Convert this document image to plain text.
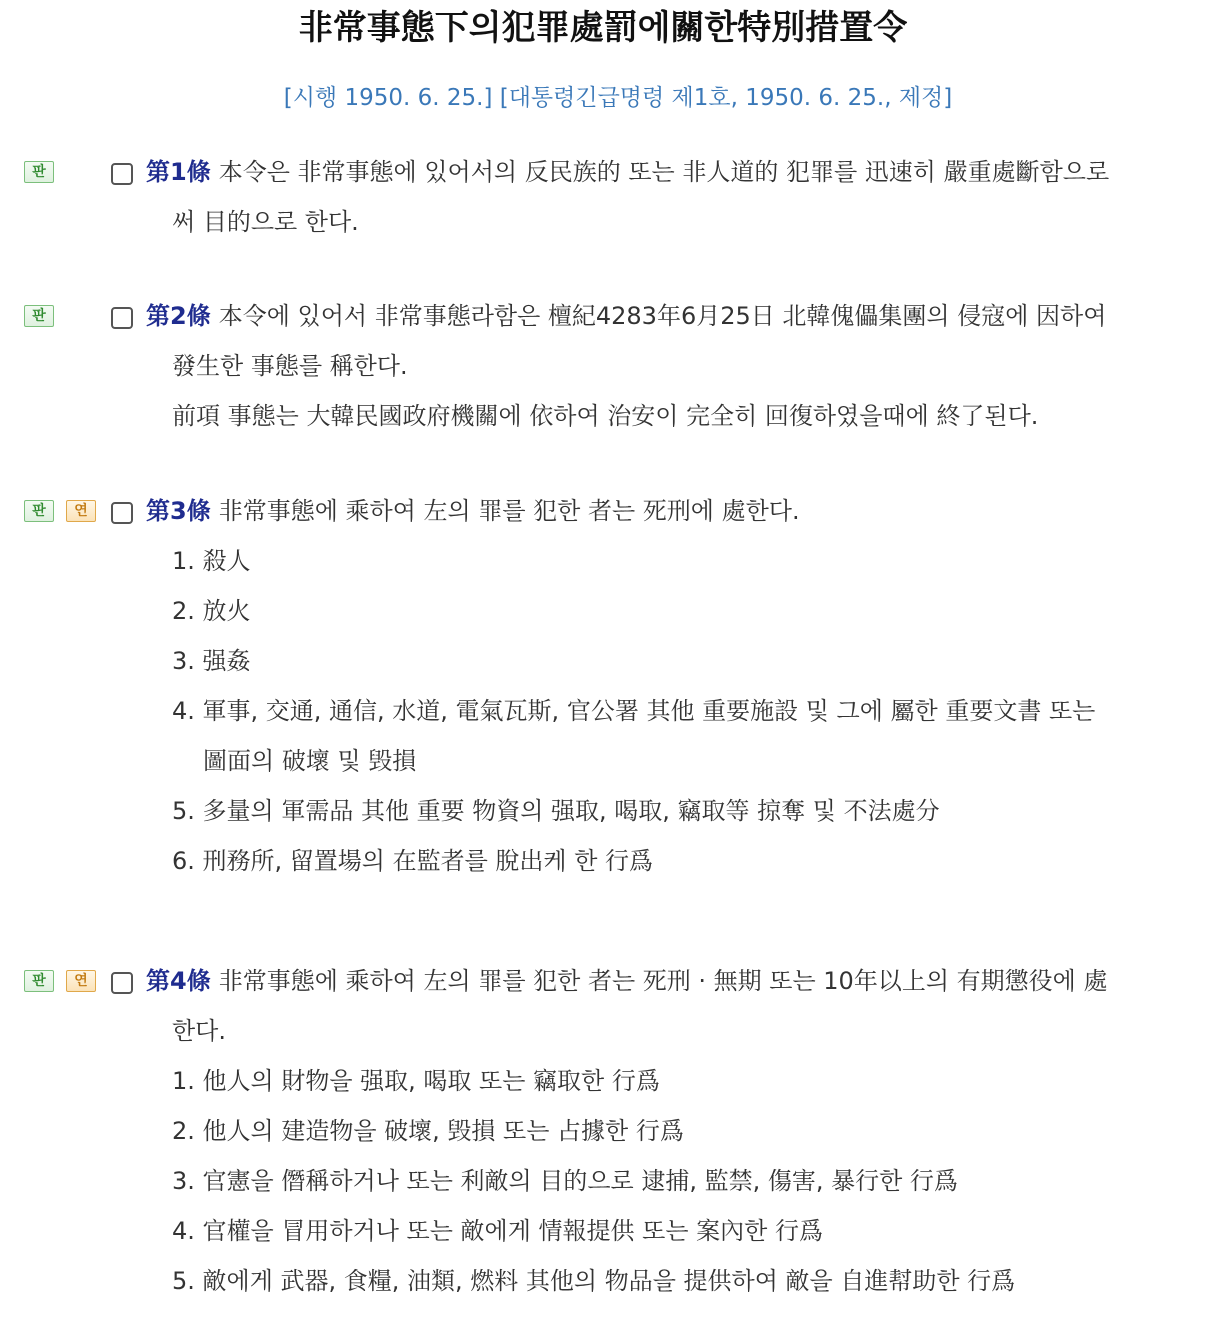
非常事態下의犯罪處罰에關한特別措置令
[시행 1950. 6. 25.] [대통령긴급명령 제1호, 1950. 6. 25., 제정]
판	第1條 本令은 非常事態에 있어서의 反民族的 또는 非人道的 犯罪를 迅速히 嚴重處斷함으로
써 目的으로 한다.
판	第2條 本令에 있어서 非常事態라함은 檀紀4283年6月25日 北韓傀儡集團의 侵寇에 因하여
發生한 事態를 稱한다.
前項 事態는 大韓民國政府機關에 依하여 治安이 完全히 回復하였을때에 終了된다.
판	연	第3條 非常事態에 乘하여 左의 罪를 犯한 者는 死刑에 處한다.
1. 殺人
2. 放火
3. 强姦
4. 軍事, 交通, 通信, 水道, 電氣瓦斯, 官公署 其他 重要施設 및 그에 屬한 重要文書 또는
圖面의 破壞 및 毁損
5. 多量의 軍需品 其他 重要 物資의 强取, 喝取, 竊取等 掠奪 및 不法處分
6. 刑務所, 留置場의 在監者를 脫出케 한 行爲
판	연	第4條 非常事態에 乘하여 左의 罪를 犯한 者는 死刑 · 無期 또는 10年以上의 有期懲役에 處
한다.
1. 他人의 財物을 强取, 喝取 또는 竊取한 行爲
2. 他人의 建造物을 破壞, 毁損 또는 占據한 行爲
3. 官憲을 僭稱하거나 또는 利敵의 目的으로 逮捕, 監禁, 傷害, 暴行한 行爲
4. 官權을 冒用하거나 또는 敵에게 情報提供 또는 案內한 行爲
5. 敵에게 武器, 食糧, 油類, 燃料 其他의 物品을 提供하여 敵을 自進幇助한 行爲
